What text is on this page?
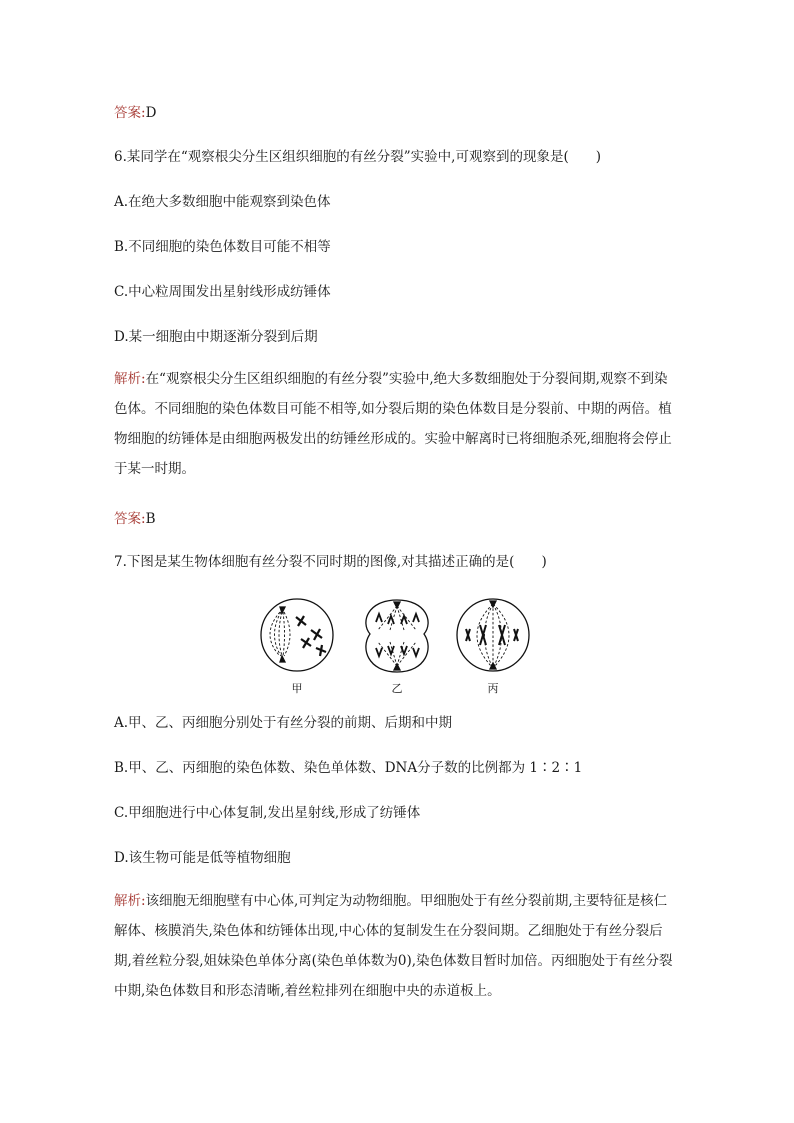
答案:D
6.某同学在“观察根尖分生区组织细胞的有丝分裂”实验中,可观察到的现象是(　　)
A.在绝大多数细胞中能观察到染色体
B.不同细胞的染色体数目可能不相等
C.中心粒周围发出星射线形成纺锤体
D.某一细胞由中期逐渐分裂到后期
解析:在“观察根尖分生区组织细胞的有丝分裂”实验中,绝大多数细胞处于分裂间期,观察不到染色体。不同细胞的染色体数目可能不相等,如分裂后期的染色体数目是分裂前、中期的两倍。植物细胞的纺锤体是由细胞两极发出的纺锤丝形成的。实验中解离时已将细胞杀死,细胞将会停止于某一时期。
答案:B
7.下图是某生物体细胞有丝分裂不同时期的图像,对其描述正确的是(　　)
甲	乙	丙
A.甲、乙、丙细胞分别处于有丝分裂的前期、后期和中期
B.甲、乙、丙细胞的染色体数、染色单体数、DNA分子数的比例都为 1∶2∶1
C.甲细胞进行中心体复制,发出星射线,形成了纺锤体
D.该生物可能是低等植物细胞
解析:该细胞无细胞壁有中心体,可判定为动物细胞。甲细胞处于有丝分裂前期,主要特征是核仁解体、核膜消失,染色体和纺锤体出现,中心体的复制发生在分裂间期。乙细胞处于有丝分裂后期,着丝粒分裂,姐妹染色单体分离(染色单体数为0),染色体数目暂时加倍。丙细胞处于有丝分裂中期,染色体数目和形态清晰,着丝粒排列在细胞中央的赤道板上。
